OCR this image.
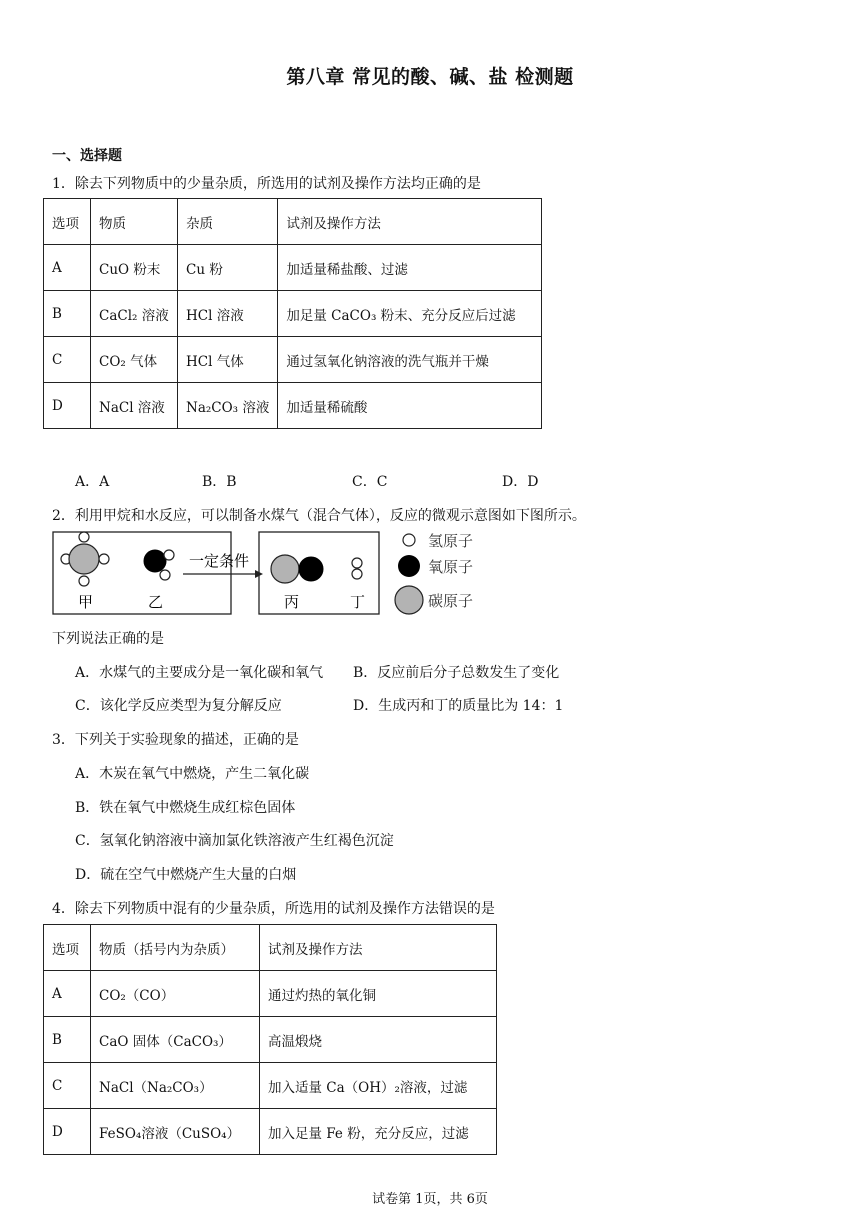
第八章 常见的酸、碱、盐 检测题
一、选择题
1．除去下列物质中的少量杂质，所选用的试剂及操作方法均正确的是
选项	物质	杂质	试剂及操作方法
A	CuO 粉末	Cu 粉	加适量稀盐酸、过滤
B	CaCl₂ 溶液	HCl 溶液	加足量 CaCO₃ 粉末、充分反应后过滤
C	CO₂ 气体	HCl 气体	通过氢氧化钠溶液的洗气瓶并干燥
D	NaCl 溶液	Na₂CO₃ 溶液	加适量稀硫酸
A．A	B．B	C．C	D．D
2．利用甲烷和水反应，可以制备水煤气（混合气体），反应的微观示意图如下图所示。
甲	乙
一定条件
丙	丁
氢原子
氧原子
碳原子
下列说法正确的是
A．水煤气的主要成分是一氧化碳和氧气 B．反应前后分子总数发生了变化
C．该化学反应类型为复分解反应	D．生成丙和丁的质量比为 14：1
3．下列关于实验现象的描述，正确的是
A．木炭在氧气中燃烧，产生二氧化碳
B．铁在氧气中燃烧生成红棕色固体
C．氢氧化钠溶液中滴加氯化铁溶液产生红褐色沉淀
D．硫在空气中燃烧产生大量的白烟
4．除去下列物质中混有的少量杂质，所选用的试剂及操作方法错误的是
选项	物质（括号内为杂质）	试剂及操作方法
A	CO₂（CO）	通过灼热的氧化铜
B	CaO 固体（CaCO₃）	高温煅烧
C	NaCl（Na₂CO₃）	加入适量 Ca（OH）₂溶液，过滤
D	FeSO₄溶液（CuSO₄）	加入足量 Fe 粉，充分反应，过滤
试卷第 1页，共 6页
